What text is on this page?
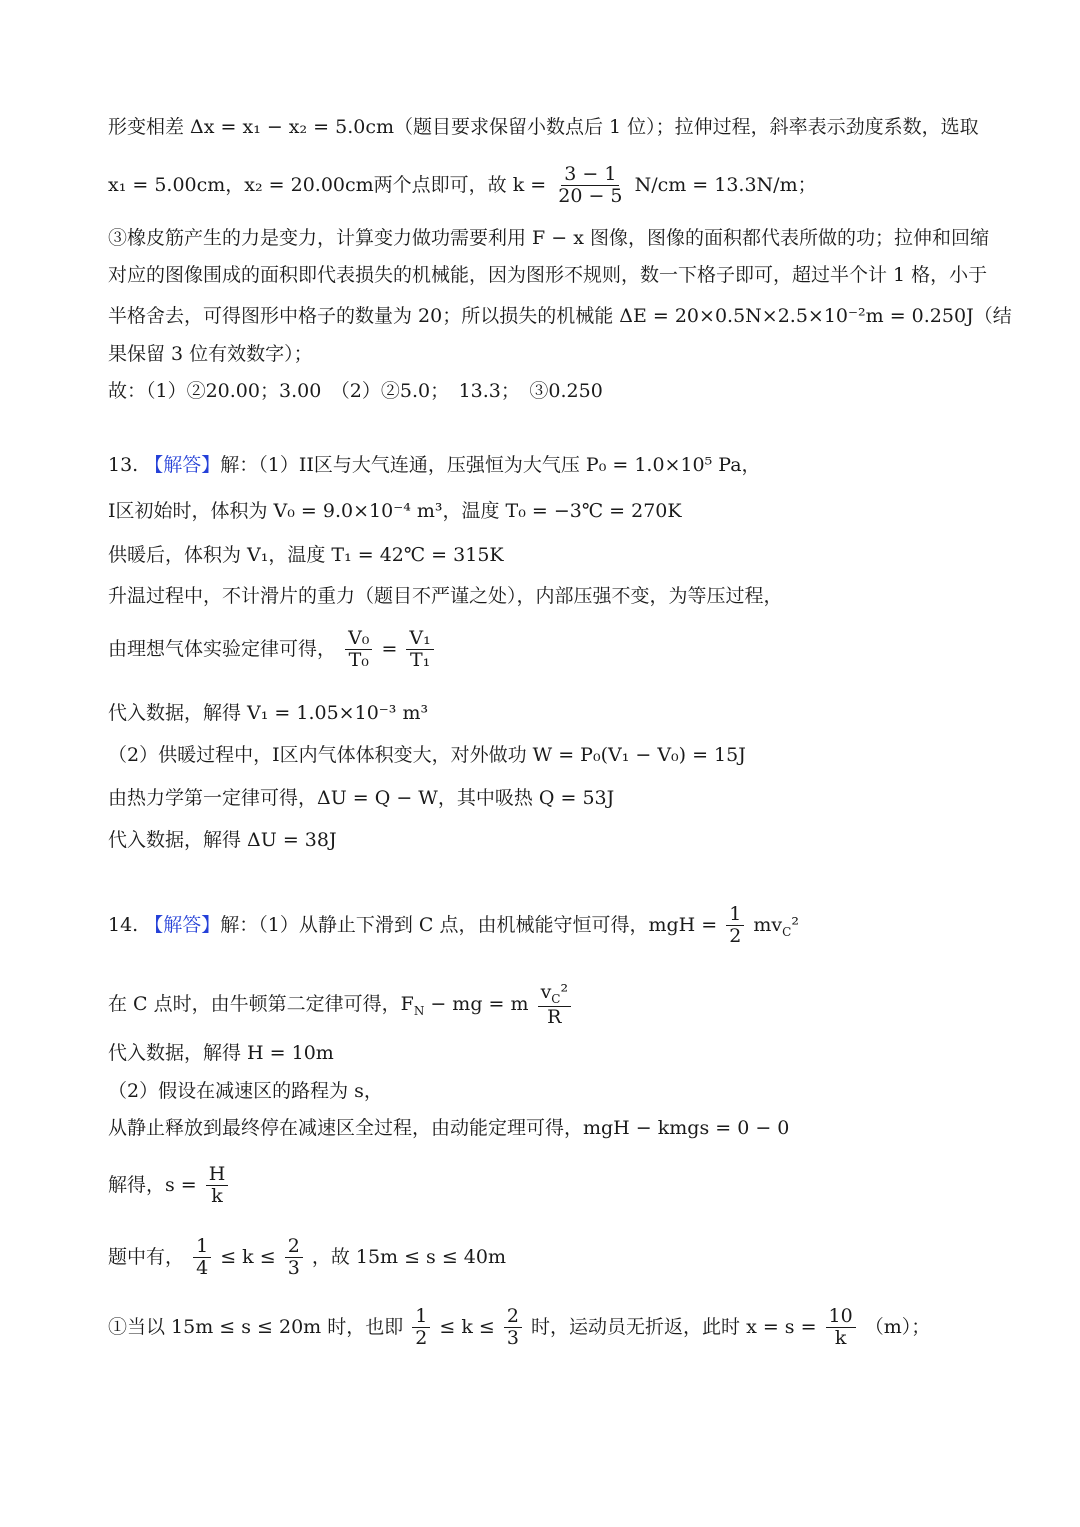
形变相差 Δx = x₁ − x₂ = 5.0cm（题目要求保留小数点后 1 位）；拉伸过程，斜率表示劲度系数，选取
x₁ = 5.00cm，x₂ = 20.00cm两个点即可，故 $k = \frac{3 - 1}{20 - 5} N/cm = 13.3N/m$；
③橡皮筋产生的力是变力，计算变力做功需要利用 F − x 图像，图像的面积都代表所做的功；拉伸和回缩
对应的图像围成的面积即代表损失的机械能，因为图形不规则，数一下格子即可，超过半个计 1 格，小于
半格舍去，可得图形中格子的数量为 20；所以损失的机械能 ΔE = 20×0.5N×2.5×10⁻²m = 0.250J（结
果保留 3 位有效数字）；
故：（1）②20.00；3.00　（2）②5.0；　13.3；　③0.250
13. 【解答】解：（1）II区与大气连通，压强恒为大气压 P₀ = 1.0×10⁵ Pa，
I区初始时，体积为 V₀ = 9.0×10⁻⁴ m³，温度 T₀ = −3℃ = 270K
供暖后，体积为 V₁，温度 T₁ = 42℃ = 315K
升温过程中，不计滑片的重力（题目不严谨之处），内部压强不变，为等压过程，
由理想气体实验定律可得， $\frac{\text{V₀}}{\text{T₀}} = \frac{\text{V₁}}{\text{T₁}}$
代入数据，解得 V₁ = 1.05×10⁻³ m³
（2）供暖过程中，I区内气体体积变大，对外做功 W = P₀(V₁ − V₀) = 15J
由热力学第一定律可得，ΔU = Q − W，其中吸热 Q = 53J
代入数据，解得 ΔU = 38J
14. 【解答】解：（1）从静止下滑到 C 点，由机械能守恒可得，mgH = $\frac{1}{2} mv_C^2$
在 C 点时，由牛顿第二定律可得，$F_N$ − mg = m $\frac{v_C^2}{R}$
代入数据，解得 H = 10m
（2）假设在减速区的路程为 s，
从静止释放到最终停在减速区全过程，由动能定理可得，mgH − kmgs = 0 − 0
解得，$s = \frac{H}{k}$
题中有， $\frac{1}{4} \le k \le \frac{2}{3}$ ，故 15m ≤ s ≤ 40m
①当以 15m ≤ s ≤ 20m 时，也即 $\frac{1}{2} \le k \le \frac{2}{3}$ 时，运动员无折返，此时 $x = s = \frac{10}{k} (m)$；
